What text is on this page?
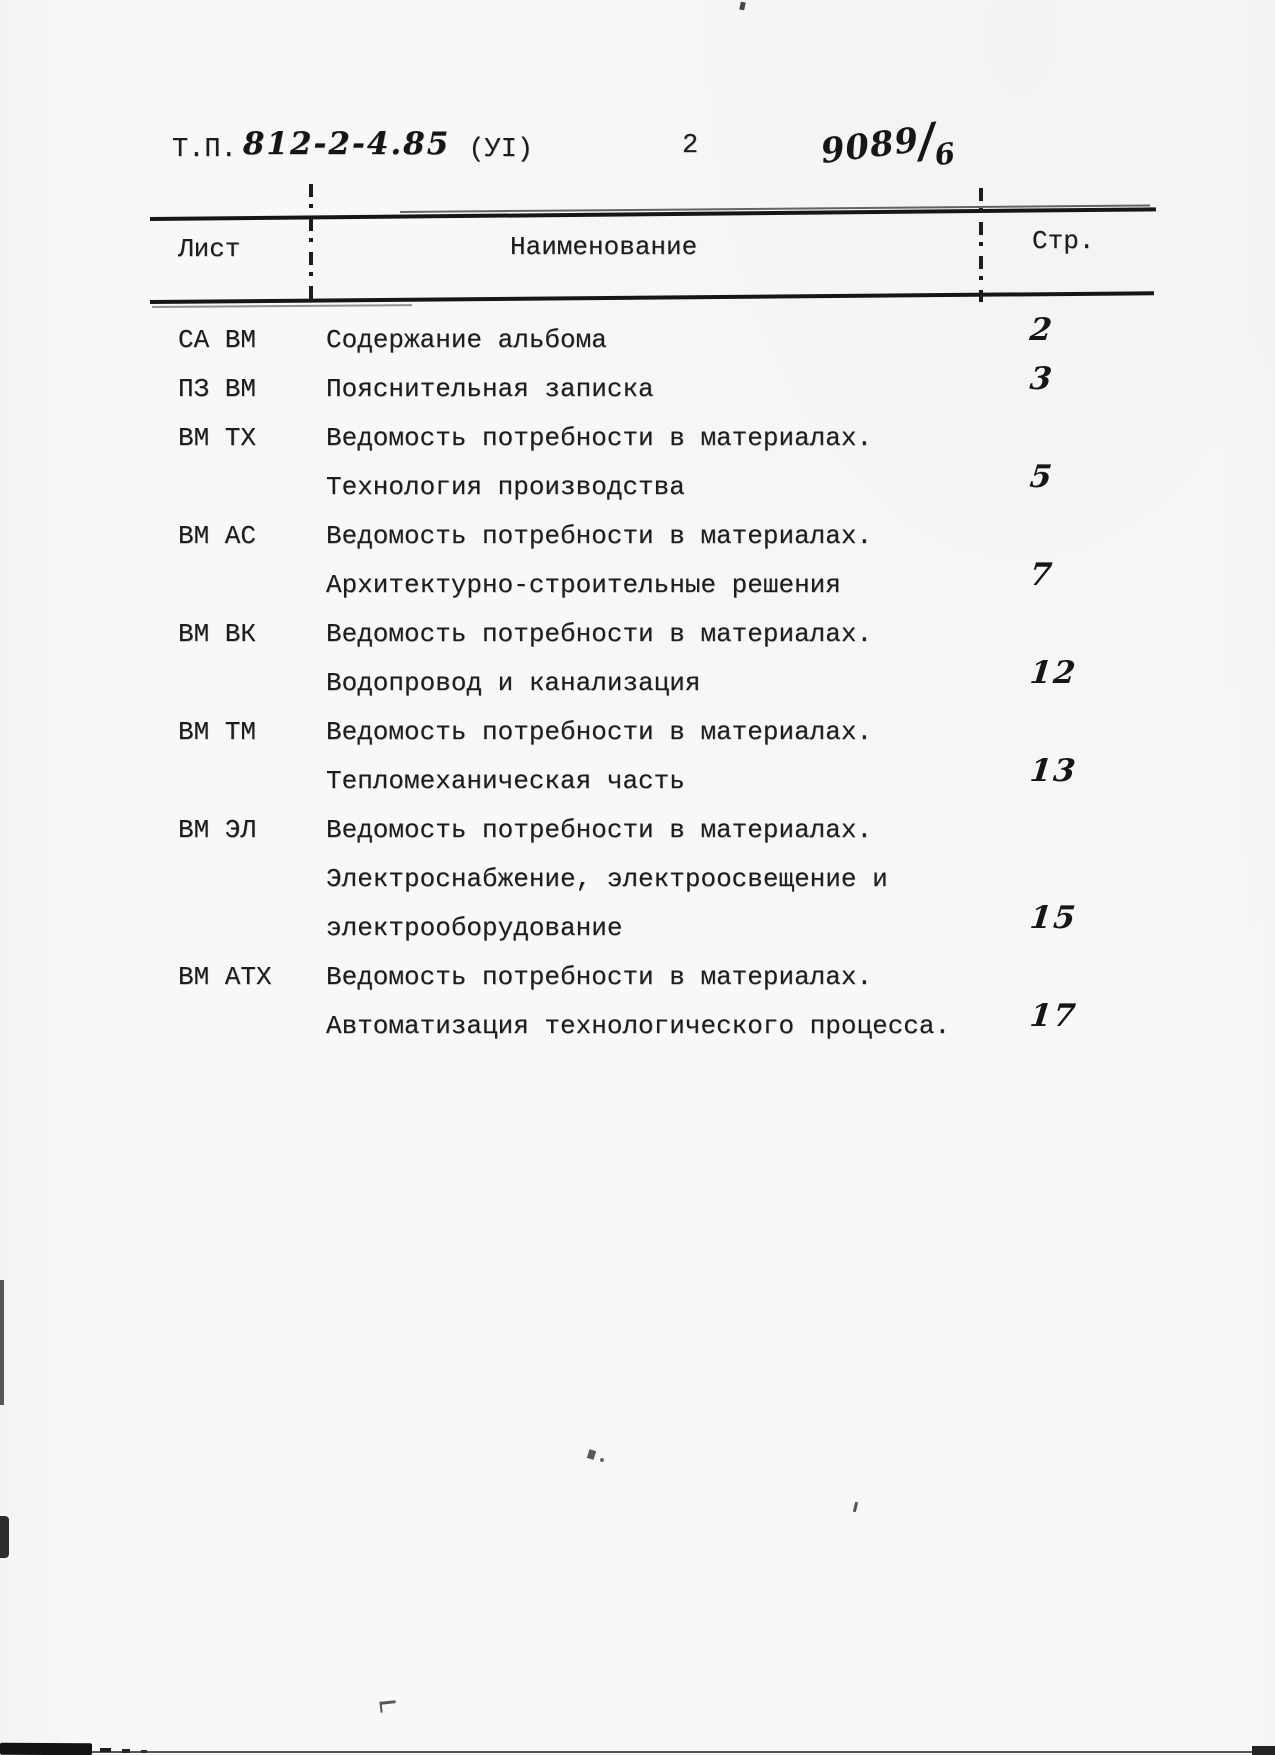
Т.П. 812-2-4.85 (УІ)	2	9089/6
Лист	Наименование	Стр.
СА ВМ	Содержание альбома	2
ПЗ ВМ	Пояснительная записка	3
ВМ ТХ	Ведомость потребности в материалах.
Технология производства	5
ВМ АС	Ведомость потребности в материалах.
Архитектурно-строительные решения	7
ВМ ВК	Ведомость потребности в материалах.
Водопровод и канализация	12
ВМ ТМ	Ведомость потребности в материалах.
Тепломеханическая часть	13
ВМ ЭЛ	Ведомость потребности в материалах.
Электроснабжение, электроосвещение и
электрооборудование	15
ВМ АТХ Ведомость потребности в материалах.
Автоматизация технологического процесса.	17
